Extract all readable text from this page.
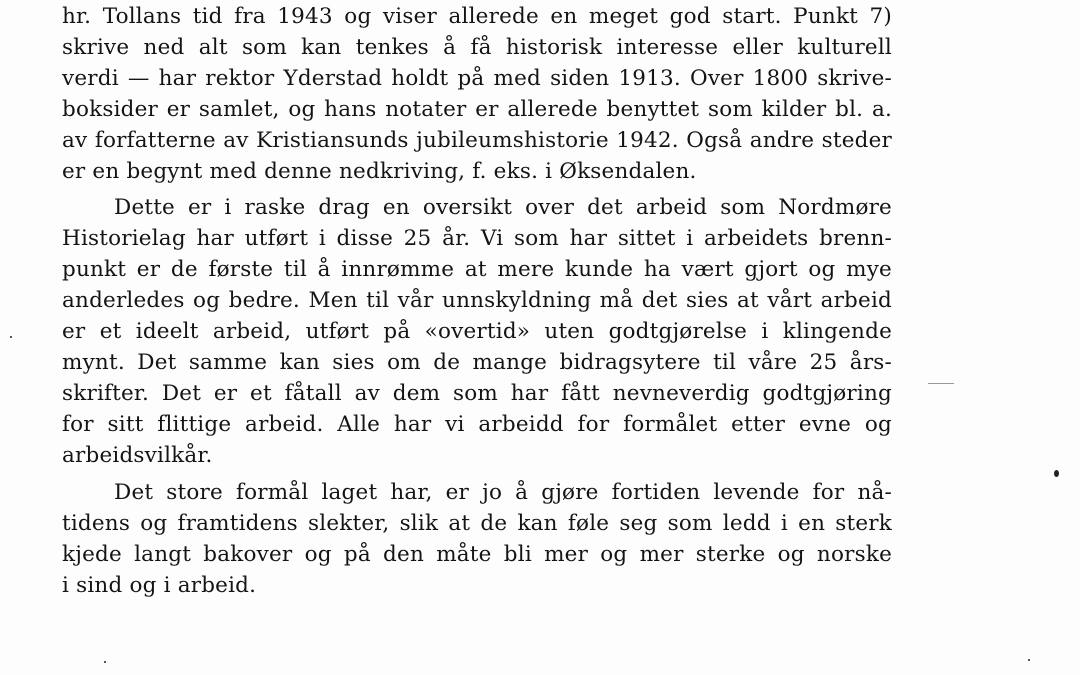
hr. Tollans tid fra 1943 og viser allerede en meget god start. Punkt 7)
skrive ned alt som kan tenkes å få historisk interesse eller kulturell
verdi — har rektor Yderstad holdt på med siden 1913. Over 1800 skrive-
boksider er samlet, og hans notater er allerede benyttet som kilder bl. a.
av forfatterne av Kristiansunds jubileumshistorie 1942. Også andre steder
er en begynt med denne nedkriving, f. eks. i Øksendalen.
Dette er i raske drag en oversikt over det arbeid som Nordmøre
Historielag har utført i disse 25 år. Vi som har sittet i arbeidets brenn-
punkt er de første til å innrømme at mere kunde ha vært gjort og mye
anderledes og bedre. Men til vår unnskyldning må det sies at vårt arbeid
er et ideelt arbeid, utført på «overtid» uten godtgjørelse i klingende
mynt. Det samme kan sies om de mange bidragsytere til våre 25 års-
skrifter. Det er et fåtall av dem som har fått nevneverdig godtgjøring
for sitt flittige arbeid. Alle har vi arbeidd for formålet etter evne og
arbeidsvilkår.
Det store formål laget har, er jo å gjøre fortiden levende for nå-
tidens og framtidens slekter, slik at de kan føle seg som ledd i en sterk
kjede langt bakover og på den måte bli mer og mer sterke og norske
i sind og i arbeid.
